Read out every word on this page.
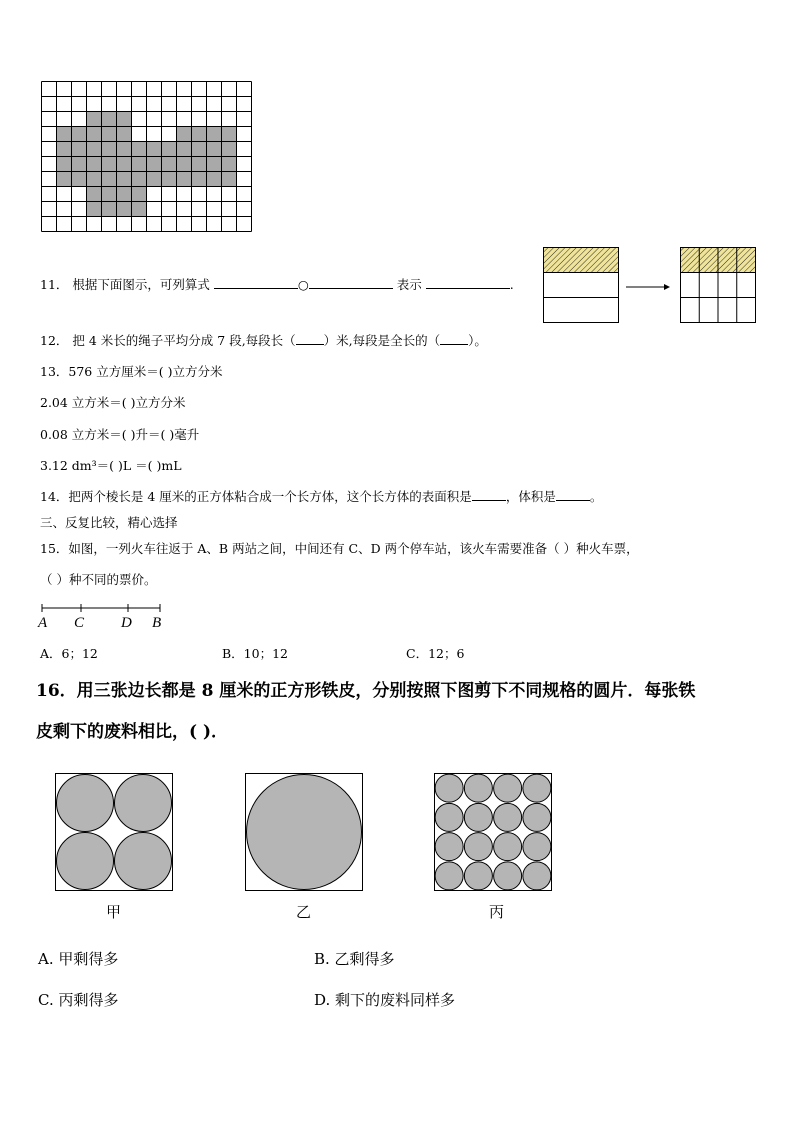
11． 根据下面图示，可列算式	○	表示	.
12． 把 4 米长的绳子平均分成 7 段,每段长（ ）米,每段是全长的（ ）。
13．576 立方厘米＝( )立方分米
2.04 立方米＝( )立方分米
0.08 立方米＝( )升＝( )毫升
3.12 dm³＝( )L ＝( )mL
14．把两个棱长是 4 厘米的正方体粘合成一个长方体，这个长方体的表面积是	，体积是	。
三、反复比较，精心选择
15．如图，一列火车往返于 A、B 两站之间，中间还有 C、D 两个停车站，该火车需要准备（ ）种火车票，
（ ）种不同的票价。
A C D B
A．6；12	B．10；12	C．12；6
16．用三张边长都是 8 厘米的正方形铁皮，分别按照下图剪下不同规格的圆片．每张铁
皮剩下的废料相比，( )．
甲	乙	丙
A. 甲剩得多	B. 乙剩得多
C. 丙剩得多	D. 剩下的废料同样多
